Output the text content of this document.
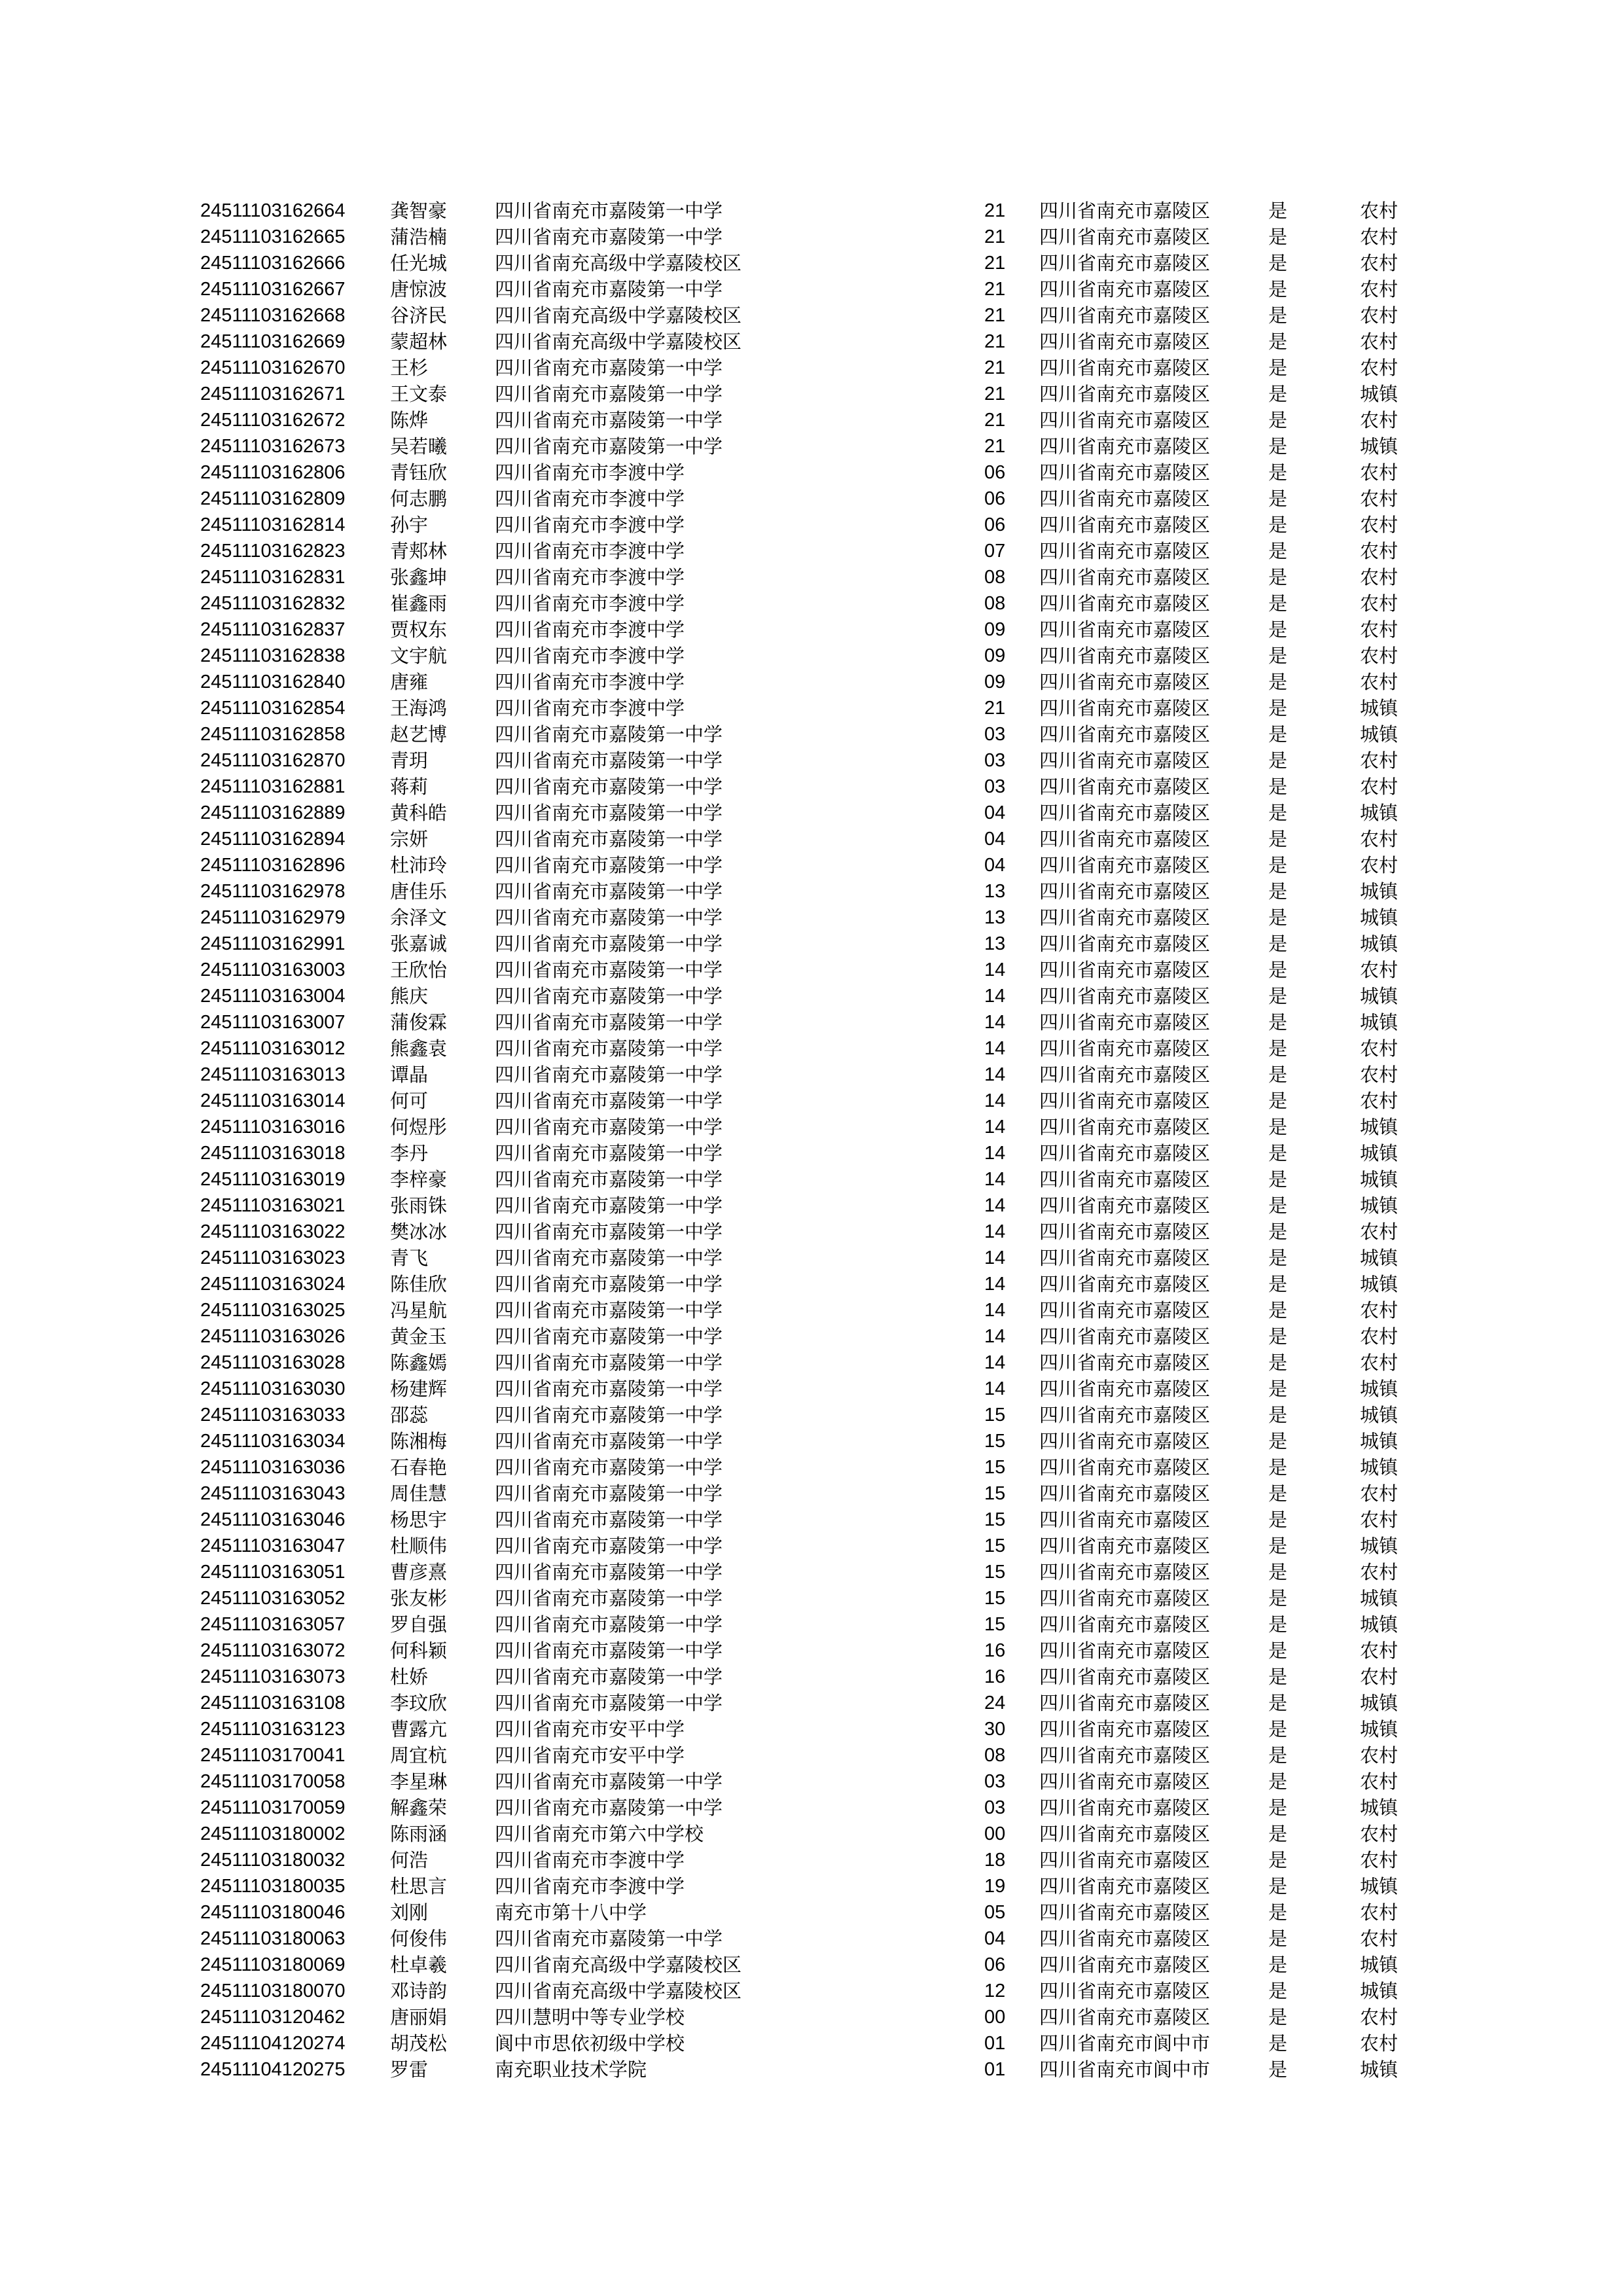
24511103162664	龚智豪	四川省南充市嘉陵第一中学	21	四川省南充市嘉陵区	是	农村
24511103162665	蒲浩楠	四川省南充市嘉陵第一中学	21	四川省南充市嘉陵区	是	农村
24511103162666	任光城	四川省南充高级中学嘉陵校区	21	四川省南充市嘉陵区	是	农村
24511103162667	唐惊波	四川省南充市嘉陵第一中学	21	四川省南充市嘉陵区	是	农村
24511103162668	谷济民	四川省南充高级中学嘉陵校区	21	四川省南充市嘉陵区	是	农村
24511103162669	蒙超林	四川省南充高级中学嘉陵校区	21	四川省南充市嘉陵区	是	农村
24511103162670	王杉	四川省南充市嘉陵第一中学	21	四川省南充市嘉陵区	是	农村
24511103162671	王文泰	四川省南充市嘉陵第一中学	21	四川省南充市嘉陵区	是	城镇
24511103162672	陈烨	四川省南充市嘉陵第一中学	21	四川省南充市嘉陵区	是	农村
24511103162673	吴若曦	四川省南充市嘉陵第一中学	21	四川省南充市嘉陵区	是	城镇
24511103162806	青钰欣	四川省南充市李渡中学	06	四川省南充市嘉陵区	是	农村
24511103162809	何志鹏	四川省南充市李渡中学	06	四川省南充市嘉陵区	是	农村
24511103162814	孙宇	四川省南充市李渡中学	06	四川省南充市嘉陵区	是	农村
24511103162823	青郏林	四川省南充市李渡中学	07	四川省南充市嘉陵区	是	农村
24511103162831	张鑫坤	四川省南充市李渡中学	08	四川省南充市嘉陵区	是	农村
24511103162832	崔鑫雨	四川省南充市李渡中学	08	四川省南充市嘉陵区	是	农村
24511103162837	贾权东	四川省南充市李渡中学	09	四川省南充市嘉陵区	是	农村
24511103162838	文宇航	四川省南充市李渡中学	09	四川省南充市嘉陵区	是	农村
24511103162840	唐雍	四川省南充市李渡中学	09	四川省南充市嘉陵区	是	农村
24511103162854	王海鸿	四川省南充市李渡中学	21	四川省南充市嘉陵区	是	城镇
24511103162858	赵艺博	四川省南充市嘉陵第一中学	03	四川省南充市嘉陵区	是	城镇
24511103162870	青玥	四川省南充市嘉陵第一中学	03	四川省南充市嘉陵区	是	农村
24511103162881	蒋莉	四川省南充市嘉陵第一中学	03	四川省南充市嘉陵区	是	农村
24511103162889	黄科皓	四川省南充市嘉陵第一中学	04	四川省南充市嘉陵区	是	城镇
24511103162894	宗妍	四川省南充市嘉陵第一中学	04	四川省南充市嘉陵区	是	农村
24511103162896	杜沛玲	四川省南充市嘉陵第一中学	04	四川省南充市嘉陵区	是	农村
24511103162978	唐佳乐	四川省南充市嘉陵第一中学	13	四川省南充市嘉陵区	是	城镇
24511103162979	余泽文	四川省南充市嘉陵第一中学	13	四川省南充市嘉陵区	是	城镇
24511103162991	张嘉诚	四川省南充市嘉陵第一中学	13	四川省南充市嘉陵区	是	城镇
24511103163003	王欣怡	四川省南充市嘉陵第一中学	14	四川省南充市嘉陵区	是	农村
24511103163004	熊庆	四川省南充市嘉陵第一中学	14	四川省南充市嘉陵区	是	城镇
24511103163007	蒲俊霖	四川省南充市嘉陵第一中学	14	四川省南充市嘉陵区	是	城镇
24511103163012	熊鑫袁	四川省南充市嘉陵第一中学	14	四川省南充市嘉陵区	是	农村
24511103163013	谭晶	四川省南充市嘉陵第一中学	14	四川省南充市嘉陵区	是	农村
24511103163014	何可	四川省南充市嘉陵第一中学	14	四川省南充市嘉陵区	是	农村
24511103163016	何煜彤	四川省南充市嘉陵第一中学	14	四川省南充市嘉陵区	是	城镇
24511103163018	李丹	四川省南充市嘉陵第一中学	14	四川省南充市嘉陵区	是	城镇
24511103163019	李梓豪	四川省南充市嘉陵第一中学	14	四川省南充市嘉陵区	是	城镇
24511103163021	张雨铢	四川省南充市嘉陵第一中学	14	四川省南充市嘉陵区	是	城镇
24511103163022	樊冰冰	四川省南充市嘉陵第一中学	14	四川省南充市嘉陵区	是	农村
24511103163023	青飞	四川省南充市嘉陵第一中学	14	四川省南充市嘉陵区	是	城镇
24511103163024	陈佳欣	四川省南充市嘉陵第一中学	14	四川省南充市嘉陵区	是	城镇
24511103163025	冯星航	四川省南充市嘉陵第一中学	14	四川省南充市嘉陵区	是	农村
24511103163026	黄金玉	四川省南充市嘉陵第一中学	14	四川省南充市嘉陵区	是	农村
24511103163028	陈鑫嫣	四川省南充市嘉陵第一中学	14	四川省南充市嘉陵区	是	农村
24511103163030	杨建辉	四川省南充市嘉陵第一中学	14	四川省南充市嘉陵区	是	城镇
24511103163033	邵蕊	四川省南充市嘉陵第一中学	15	四川省南充市嘉陵区	是	城镇
24511103163034	陈湘梅	四川省南充市嘉陵第一中学	15	四川省南充市嘉陵区	是	城镇
24511103163036	石春艳	四川省南充市嘉陵第一中学	15	四川省南充市嘉陵区	是	城镇
24511103163043	周佳慧	四川省南充市嘉陵第一中学	15	四川省南充市嘉陵区	是	农村
24511103163046	杨思宇	四川省南充市嘉陵第一中学	15	四川省南充市嘉陵区	是	农村
24511103163047	杜顺伟	四川省南充市嘉陵第一中学	15	四川省南充市嘉陵区	是	城镇
24511103163051	曹彦熹	四川省南充市嘉陵第一中学	15	四川省南充市嘉陵区	是	农村
24511103163052	张友彬	四川省南充市嘉陵第一中学	15	四川省南充市嘉陵区	是	城镇
24511103163057	罗自强	四川省南充市嘉陵第一中学	15	四川省南充市嘉陵区	是	城镇
24511103163072	何科颖	四川省南充市嘉陵第一中学	16	四川省南充市嘉陵区	是	农村
24511103163073	杜娇	四川省南充市嘉陵第一中学	16	四川省南充市嘉陵区	是	农村
24511103163108	李玟欣	四川省南充市嘉陵第一中学	24	四川省南充市嘉陵区	是	城镇
24511103163123	曹露亢	四川省南充市安平中学	30	四川省南充市嘉陵区	是	城镇
24511103170041	周宜杭	四川省南充市安平中学	08	四川省南充市嘉陵区	是	农村
24511103170058	李星琳	四川省南充市嘉陵第一中学	03	四川省南充市嘉陵区	是	农村
24511103170059	解鑫荣	四川省南充市嘉陵第一中学	03	四川省南充市嘉陵区	是	城镇
24511103180002	陈雨涵	四川省南充市第六中学校	00	四川省南充市嘉陵区	是	农村
24511103180032	何浩	四川省南充市李渡中学	18	四川省南充市嘉陵区	是	农村
24511103180035	杜思言	四川省南充市李渡中学	19	四川省南充市嘉陵区	是	城镇
24511103180046	刘刚	南充市第十八中学	05	四川省南充市嘉陵区	是	农村
24511103180063	何俊伟	四川省南充市嘉陵第一中学	04	四川省南充市嘉陵区	是	农村
24511103180069	杜卓羲	四川省南充高级中学嘉陵校区	06	四川省南充市嘉陵区	是	城镇
24511103180070	邓诗韵	四川省南充高级中学嘉陵校区	12	四川省南充市嘉陵区	是	城镇
24511103120462	唐丽娟	四川慧明中等专业学校	00	四川省南充市嘉陵区	是	农村
24511104120274	胡茂松	阆中市思依初级中学校	01	四川省南充市阆中市	是	农村
24511104120275	罗雷	南充职业技术学院	01	四川省南充市阆中市	是	城镇
